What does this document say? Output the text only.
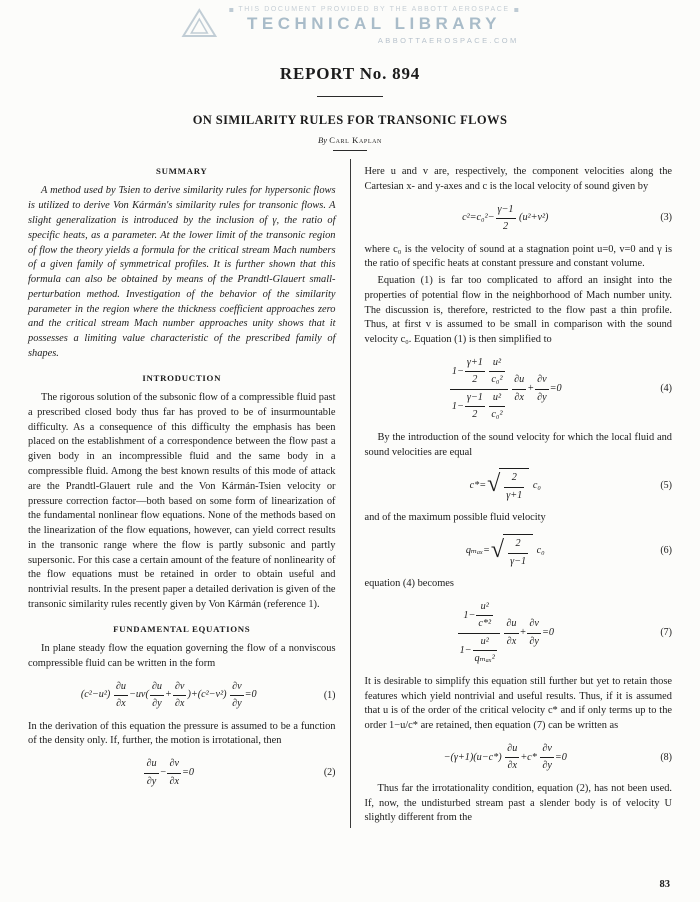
THIS DOCUMENT PROVIDED BY THE ABBOTT AEROSPACE
TECHNICAL LIBRARY
ABBOTTAEROSPACE.COM
REPORT No. 894
ON SIMILARITY RULES FOR TRANSONIC FLOWS
By Carl Kaplan
SUMMARY

A method used by Tsien to derive similarity rules for hypersonic flows is utilized to derive Von Kármán's similarity rules for transonic flows. A slight generalization is introduced by the inclusion of γ, the ratio of specific heats, as a parameter. At the lower limit of the transonic region of flow the theory yields a formula for the critical stream Mach numbers of a given family of symmetrical profiles. It is further shown that this formula can also be obtained by means of the Prandtl-Glauert small-perturbation method. Investigation of the behavior of the similarity parameter in the region where the thickness coefficient approaches zero and the critical stream Mach number approaches unity shows that it possesses a limiting value characteristic of the prescribed family of shapes.

INTRODUCTION

The rigorous solution of the subsonic flow of a compressible fluid past a prescribed closed body thus far has proved to be of insurmountable difficulty. As a consequence of this difficulty the emphasis has been placed on the establishment of a correspondence between the flow past a given body in an incompressible fluid and the same body in a compressible fluid. Among the best known results of this mode of attack are the Prandtl-Glauert rule and the Von Kármán-Tsien velocity or pressure correction factor—both based on some form of linearization of the fundamental nonlinear flow equations. None of the methods based on the linearization of the flow equations, however, can yield correct results in the transonic range where the flow is partly subsonic and partly supersonic. For this case a certain amount of the feature of nonlinearity of the flow equations must be retained in order to obtain useful and nontrivial results. In the present paper a detailed derivation is given of the transonic similarity rules recently given by Von Kármán (reference 1).

FUNDAMENTAL EQUATIONS

In plane steady flow the equation governing the flow of a nonviscous compressible fluid can be written in the form

$(c^2-u^2) \frac{\partial u}{\partial x} -uv( \frac{\partial u}{\partial y} + \frac{\partial v}{\partial x} )+(c^2-v^2) \frac{\partial v}{\partial y} =0$	(1)

In the derivation of this equation the pressure is assumed to be a function of the density only. If, further, the motion is irrotational, then

$\frac{\partial u}{\partial y} - \frac{\partial v}{\partial x} =0$	(2)

Here u and v are, respectively, the component velocities along the Cartesian x- and y-axes and c is the local velocity of sound given by

$c^2=c_0^2- \frac{\gamma-1}{2} (u^2+v^2)$	(3)

where c₀ is the velocity of sound at a stagnation point u=0, v=0 and γ is the ratio of specific heats at constant pressure and constant volume.

Equation (1) is far too complicated to afford an insight into the properties of potential flow in the neighborhood of Mach number unity. The discussion is, therefore, restricted to the flow past a thin profile. Thus, at first v is assumed to be small in comparison with the sound velocity c₀. Equation (1) is then simplified to

$1- \frac{\gamma+1}{2}$
$\frac{\text{u²}}{\text{c₀²}}$
$1- \frac{\gamma-1}{2}$
$\frac{\text{u²}}{\text{c₀²}}$
$\frac{\partial u}{\partial x} + \frac{\partial v}{\partial y} =0$	(4)

By the introduction of the sound velocity for which the local fluid and sound velocities are equal

c*= √ $\frac{2}{\gamma+1} c_0$	(5)

and of the maximum possible fluid velocity

qₘₐₓ= √ $\frac{2}{\gamma-1} c_0$	(6)

equation (4) becomes

$\frac{1- \frac{\text{u²}}{\text{c*²}}}{1- \frac{\text{u²}}{\text{qₘₐₓ²}}}$
$\frac{\partial u}{\partial x} + \frac{\partial v}{\partial y} =0$	(7)

It is desirable to simplify this equation still further but yet to retain those features which yield nontrivial and useful results. Thus, if it is assumed that u is of the order of the critical velocity c* and if only terms up to the order 1−u/c* are retained, then equation (7) can be written as

$-(\gamma+1)(u-c*) \frac{\partial u}{\partial x} +c* \frac{\partial v}{\partial y} =0$	(8)

Thus far the irrotationality condition, equation (2), has not been used. If, now, the undisturbed stream past a slender body is of velocity U slightly different from the

83
